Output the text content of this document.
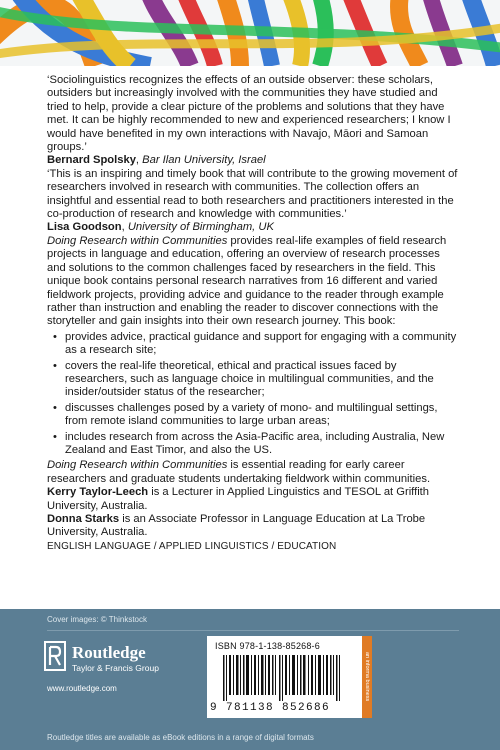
‘Sociolinguistics recognizes the effects of an outside observer: these scholars, outsiders but increasingly involved with the communities they have studied and tried to help, provide a clear picture of the problems and solutions that they have met. It can be highly recommended to new and experienced researchers; I know I would have benefited in my own interactions with Navajo, Māori and Samoan groups.’

Bernard Spolsky, Bar Ilan University, Israel

‘This is an inspiring and timely book that will contribute to the growing movement of researchers involved in research with communities. The collection offers an insightful and essential read to both researchers and practitioners interested in the co-production of research and knowledge with communities.’

Lisa Goodson, University of Birmingham, UK

Doing Research within Communities provides real-life examples of field research projects in language and education, offering an overview of research processes and solutions to the common challenges faced by researchers in the field. This unique book contains personal research narratives from 16 different and varied fieldwork projects, providing advice and guidance to the reader through example rather than instruction and enabling the reader to discover connections with the storyteller and gain insights into their own research journey. This book:

• provides advice, practical guidance and support for engaging with a community as a research site;
• covers the real-life theoretical, ethical and practical issues faced by researchers, such as language choice in multilingual communities, and the insider/outsider status of the researcher;
• discusses challenges posed by a variety of mono- and multilingual settings, from remote island communities to large urban areas;
• includes research from across the Asia-Pacific area, including Australia, New Zealand and East Timor, and also the US.

Doing Research within Communities is essential reading for early career researchers and graduate students undertaking fieldwork within communities.

Kerry Taylor-Leech is a Lecturer in Applied Linguistics and TESOL at Griffith University, Australia.

Donna Starks is an Associate Professor in Language Education at La Trobe University, Australia.

ENGLISH LANGUAGE / APPLIED LINGUISTICS / EDUCATION

Cover images: © Thinkstock
Routledge
Taylor & Francis Group
www.routledge.com
ISBN 978-1-138-85268-6
9 781138 852686
an informa business
Routledge titles are available as eBook editions in a range of digital formats
